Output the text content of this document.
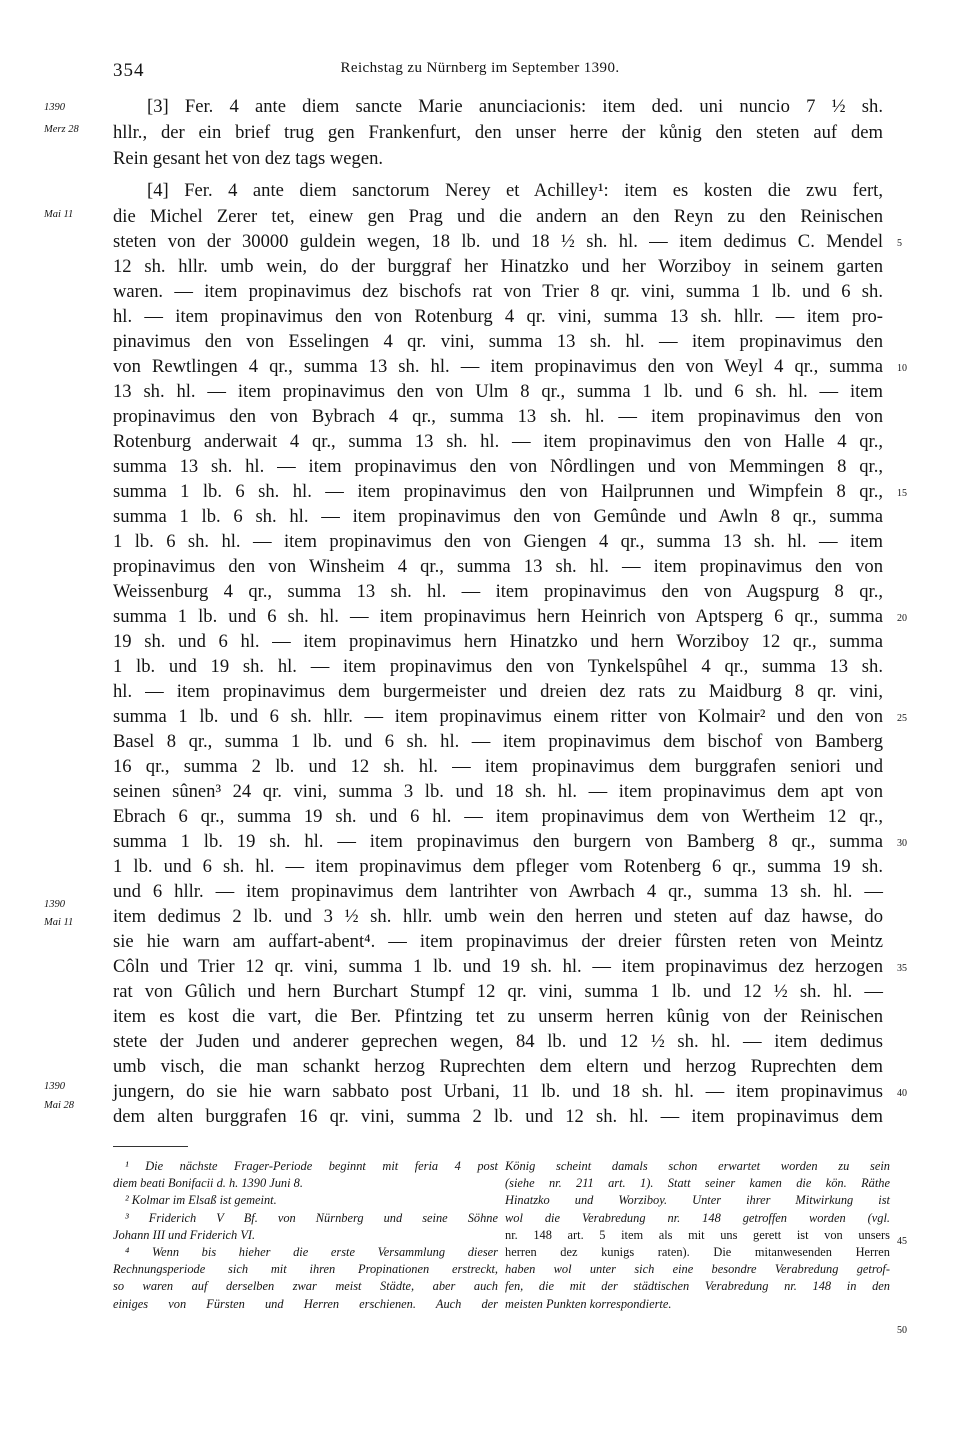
354	Reichstag zu Nürnberg im September 1390.
1390
Merz 28
Mai 11
1390
Mai 11
1390
Mai 28
[3] Fer. 4 ante diem sancte Marie anunciacionis: item ded. uni nuncio 7 ½ sh.
hllr., der ein brief trug gen Frankenfurt, den unser herre der kůnig den steten auf dem
Rein gesant het von dez tags wegen.
[4] Fer. 4 ante diem sanctorum Nerey et Achilley¹: item es kosten die zwu fert,
die Michel Zerer tet, einew gen Prag und die andern an den Reyn zu den Reinischen
steten von der 30000 guldein wegen, 18 lb. und 18 ½ sh. hl. — item dedimus C. Mendel
12 sh. hllr. umb wein, do der burggraf her Hinatzko und her Worziboy in seinem garten
waren. — item propinavimus dez bischofs rat von Trier 8 qr. vini, summa 1 lb. und 6 sh.
hl. — item propinavimus den von Rotenburg 4 qr. vini, summa 13 sh. hllr. — item pro-
pinavimus den von Esselingen 4 qr. vini, summa 13 sh. hl. — item propinavimus den
von Rewtlingen 4 qr., summa 13 sh. hl. — item propinavimus den von Weyl 4 qr., summa
13 sh. hl. — item propinavimus den von Ulm 8 qr., summa 1 lb. und 6 sh. hl. — item
propinavimus den von Bybrach 4 qr., summa 13 sh. hl. — item propinavimus den von
Rotenburg anderwait 4 qr., summa 13 sh. hl. — item propinavimus den von Halle 4 qr.,
summa 13 sh. hl. — item propinavimus den von Nôrdlingen und von Memmingen 8 qr.,
summa 1 lb. 6 sh. hl. — item propinavimus den von Hailprunnen und Wimpfein 8 qr.,
summa 1 lb. 6 sh. hl. — item propinavimus den von Gemûnde und Awln 8 qr., summa
1 lb. 6 sh. hl. — item propinavimus den von Giengen 4 qr., summa 13 sh. hl. — item
propinavimus den von Winsheim 4 qr., summa 13 sh. hl. — item propinavimus den von
Weissenburg 4 qr., summa 13 sh. hl. — item propinavimus den von Augspurg 8 qr.,
summa 1 lb. und 6 sh. hl. — item propinavimus hern Heinrich von Aptsperg 6 qr., summa
19 sh. und 6 hl. — item propinavimus hern Hinatzko und hern Worziboy 12 qr., summa
1 lb. und 19 sh. hl. — item propinavimus den von Tynkelspûhel 4 qr., summa 13 sh.
hl. — item propinavimus dem burgermeister und dreien dez rats zu Maidburg 8 qr. vini,
summa 1 lb. und 6 sh. hllr. — item propinavimus einem ritter von Kolmair² und den von
Basel 8 qr., summa 1 lb. und 6 sh. hl. — item propinavimus dem bischof von Bamberg
16 qr., summa 2 lb. und 12 sh. hl. — item propinavimus dem burggrafen seniori und
seinen sûnen³ 24 qr. vini, summa 3 lb. und 18 sh. hl. — item propinavimus dem apt von
Ebrach 6 qr., summa 19 sh. und 6 hl. — item propinavimus dem von Wertheim 12 qr.,
summa 1 lb. 19 sh. hl. — item propinavimus den burgern von Bamberg 8 qr., summa
1 lb. und 6 sh. hl. — item propinavimus dem pfleger vom Rotenberg 6 qr., summa 19 sh.
und 6 hllr. — item propinavimus dem lantrihter von Awrbach 4 qr., summa 13 sh. hl. —
item dedimus 2 lb. und 3 ½ sh. hllr. umb wein den herren und steten auf daz hawse, do
sie hie warn am auffart-abent⁴. — item propinavimus der dreier fûrsten reten von Meintz
Côln und Trier 12 qr. vini, summa 1 lb. und 19 sh. hl. — item propinavimus dez herzogen
rat von Gûlich und hern Burchart Stumpf 12 qr. vini, summa 1 lb. und 12 ½ sh. hl. —
item es kost die vart, die Ber. Pfintzing tet zu unserm herren kûnig von der Reinischen
stete der Juden und anderer geprechen wegen, 84 lb. und 12 ½ sh. hl. — item dedimus
umb visch, die man schankt herzog Ruprechten dem eltern und herzog Ruprechten dem
jungern, do sie hie warn sabbato post Urbani, 11 lb. und 18 sh. hl. — item propinavimus
dem alten burggrafen 16 qr. vini, summa 2 lb. und 12 sh. hl. — item propinavimus dem
5
10
15
20
25
30
35
40
45
50
¹ Die nächste Frager-Periode beginnt mit feria 4 post
diem beati Bonifacii d. h. 1390 Juni 8.
² Kolmar im Elsaß ist gemeint.
³ Friderich V Bf. von Nürnberg und seine Söhne
Johann III und Friderich VI.
⁴ Wenn bis hieher die erste Versammlung dieser
Rechnungsperiode sich mit ihren Propinationen erstreckt,
so waren auf derselben zwar meist Städte, aber auch
einiges von Fürsten und Herren erschienen. Auch der
König scheint damals schon erwartet worden zu sein
(siehe nr. 211 art. 1). Statt seiner kamen die kön. Räthe
Hinatzko und Worziboy. Unter ihrer Mitwirkung ist
wol die Verabredung nr. 148 getroffen worden (vgl.
nr. 148 art. 5 item als mit uns gerett ist von unsers
herren dez kunigs raten). Die mitanwesenden Herren
haben wol unter sich eine besondre Verabredung getrof-
fen, die mit der städtischen Verabredung nr. 148 in den
meisten Punkten korrespondierte.
